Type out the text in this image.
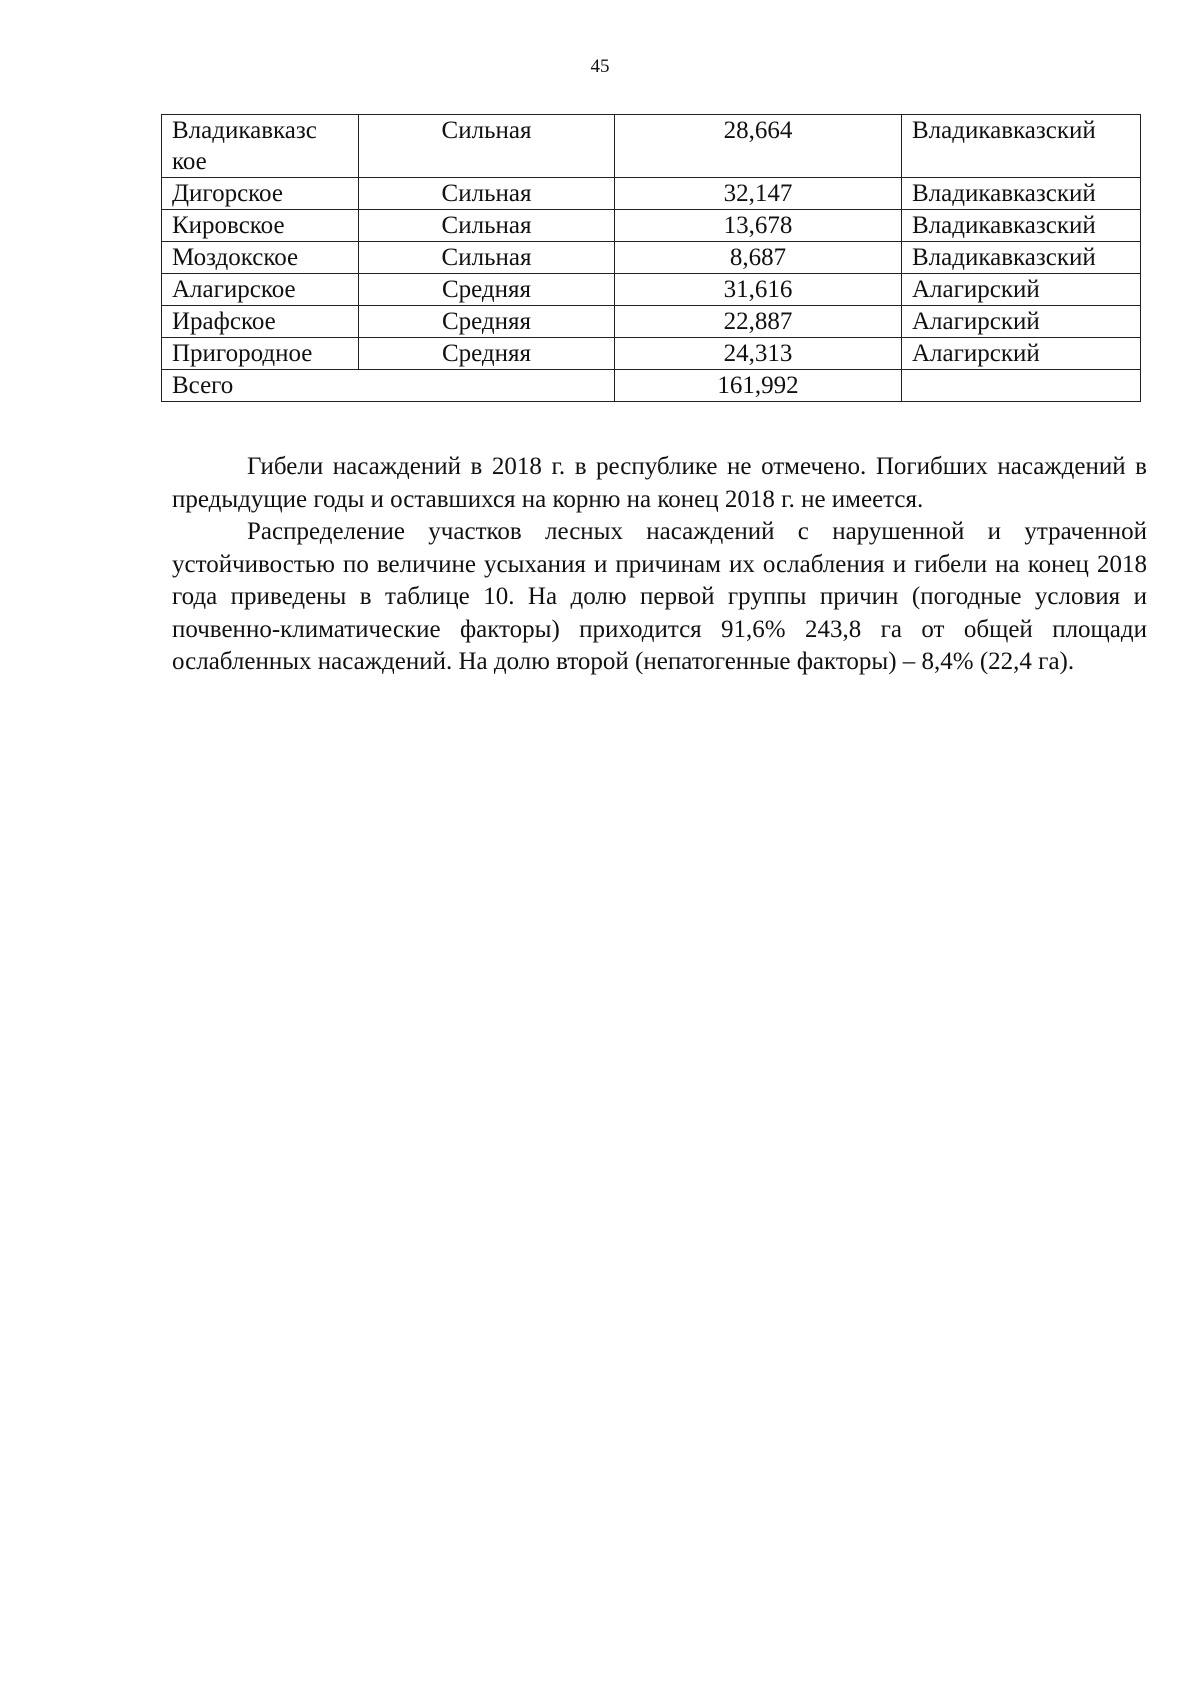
45
Владикавказс
кое	Сильная	28,664	Владикавказский
Дигорское	Сильная	32,147	Владикавказский
Кировское	Сильная	13,678	Владикавказский
Моздокское	Сильная	8,687	Владикавказский
Алагирское	Средняя	31,616	Алагирский
Ирафское	Средняя	22,887	Алагирский
Пригородное	Средняя	24,313	Алагирский
Всего		161,992	

Гибели насаждений в 2018 г. в республике не отмечено. Погибших насаждений в предыдущие годы и оставшихся на корню на конец 2018 г. не имеется.

Распределение участков лесных насаждений с нарушенной и утраченной устойчивостью по величине усыхания и причинам их ослабления и гибели на конец 2018 года приведены в таблице 10. На долю первой группы причин (погодные условия и почвенно-климатические факторы) приходится 91,6% 243,8 га от общей площади ослабленных насаждений. На долю второй (непатогенные факторы) – 8,4% (22,4 га).
